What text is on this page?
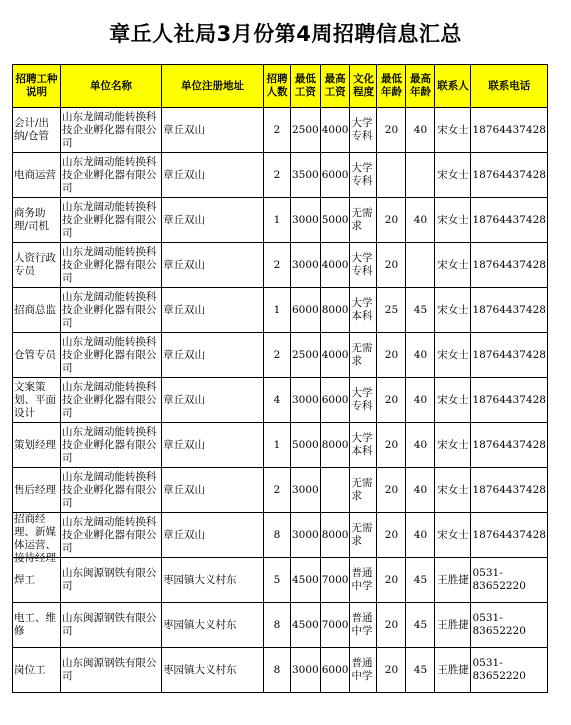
章丘人社局3月份第4周招聘信息汇总
招聘工种说明	单位名称	单位注册地址	招聘人数	最低工资	最高工资	文化程度	最低年龄	最高年龄	联系人	联系电话

会计/出纳/仓管	山东龙阔动能转换科技企业孵化器有限公司	章丘双山	2	2500	4000	大学专科	20	40	宋女士	18764437428

电商运营	山东龙阔动能转换科技企业孵化器有限公司	章丘双山	2	3500	6000	大学专科			宋女士	18764437428

商务助理/司机	山东龙阔动能转换科技企业孵化器有限公司	章丘双山	1	3000	5000	无需求	20	40	宋女士	18764437428

人资行政专员	山东龙阔动能转换科技企业孵化器有限公司	章丘双山	2	3000	4000	大学专科	20		宋女士	18764437428

招商总监	山东龙阔动能转换科技企业孵化器有限公司	章丘双山	1	6000	8000	大学本科	25	45	宋女士	18764437428

仓管专员	山东龙阔动能转换科技企业孵化器有限公司	章丘双山	2	2500	4000	无需求	20	40	宋女士	18764437428

文案策划、平面设计	山东龙阔动能转换科技企业孵化器有限公司	章丘双山	4	3000	6000	大学专科	20	40	宋女士	18764437428

策划经理	山东龙阔动能转换科技企业孵化器有限公司	章丘双山	1	5000	8000	大学本科	20	40	宋女士	18764437428

售后经理	山东龙阔动能转换科技企业孵化器有限公司	章丘双山	2	3000		无需求	20	40	宋女士	18764437428

招商经理、新媒体运营、接待经理	山东龙阔动能转换科技企业孵化器有限公司	章丘双山	8	3000	8000	无需求	20	40	宋女士	18764437428

焊工	山东闽源钢铁有限公司	枣园镇大义村东	5	4500	7000	普通中学	20	45	王胜捷	0531-83652220

电工、维修	山东闽源钢铁有限公司	枣园镇大义村东	8	4500	7000	普通中学	20	45	王胜捷	0531-83652220

岗位工	山东闽源钢铁有限公司	枣园镇大义村东	8	3000	6000	普通中学	20	45	王胜捷	0531-83652220
